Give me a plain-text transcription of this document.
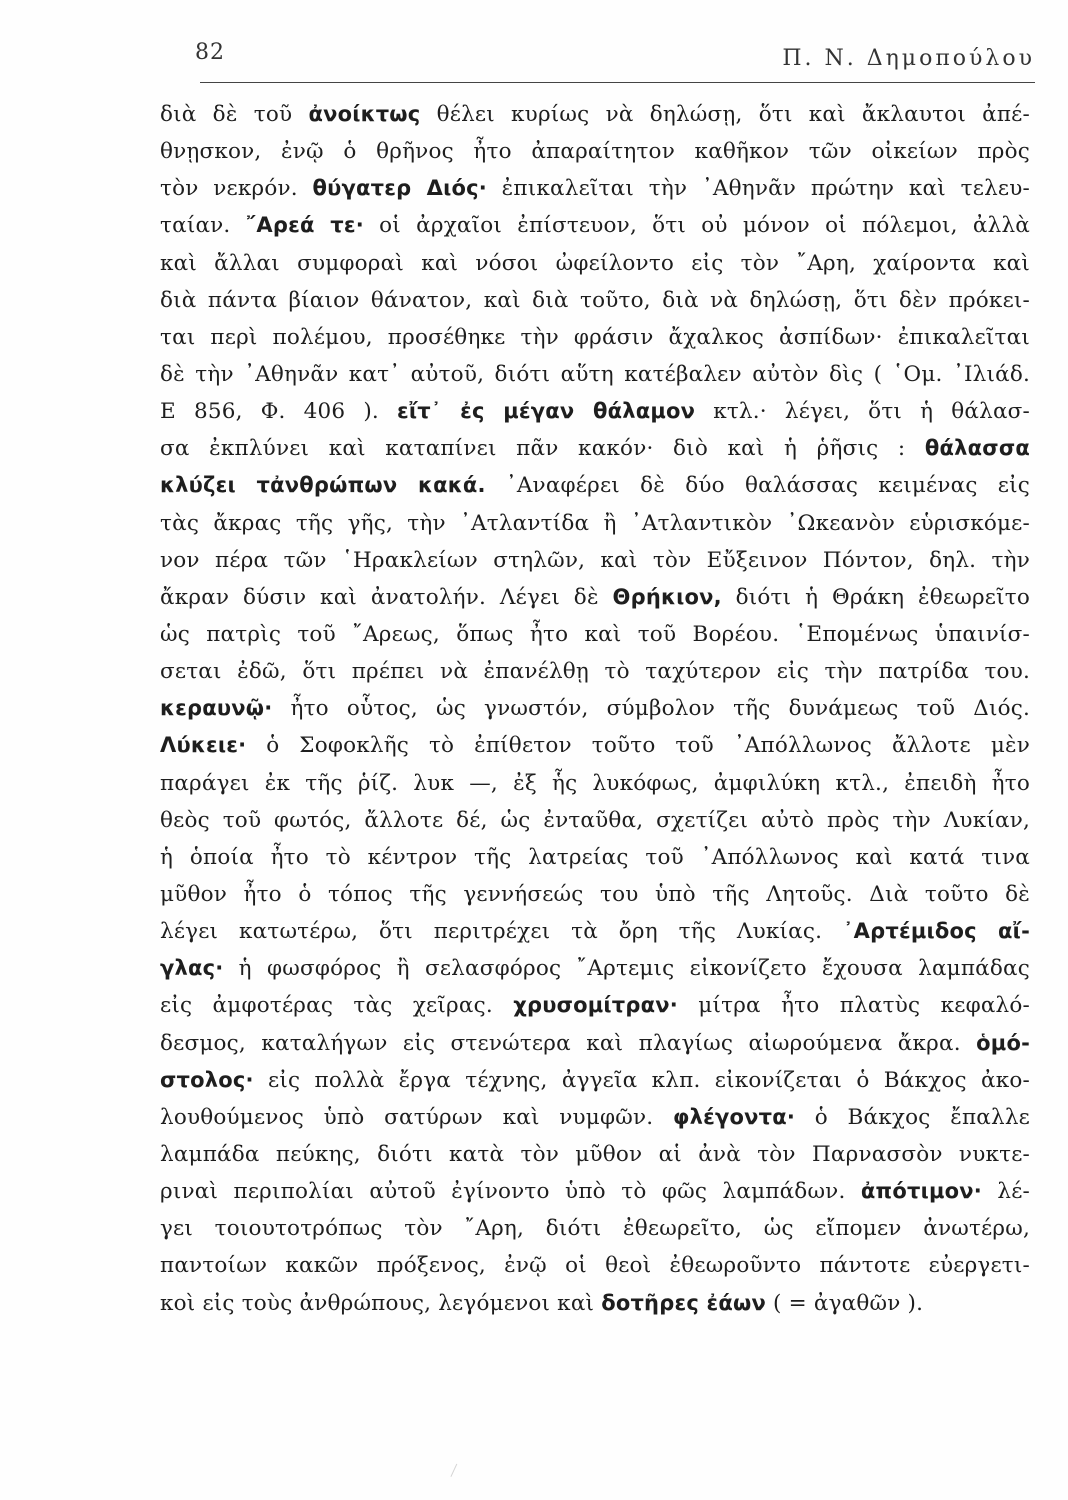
82	Π. Ν. Δημοπούλου
διὰ δὲ τοῦ ἀνοίκτως θέλει κυρίως νὰ δηλώσῃ, ὅτι καὶ ἄκλαυτοι ἀπέ-
θνῃσκον, ἐνῷ ὁ θρῆνος ἦτο ἀπαραίτητον καθῆκον τῶν οἰκείων πρὸς
τὸν νεκρόν. θύγατερ Διός· ἐπικαλεῖται τὴν ᾿Αθηνᾶν πρώτην καὶ τελευ-
ταίαν. ῎Αρεά τε· οἱ ἀρχαῖοι ἐπίστευον, ὅτι οὐ μόνον οἱ πόλεμοι, ἀλλὰ
καὶ ἄλλαι συμφοραὶ καὶ νόσοι ὠφείλοντο εἰς τὸν ῎Αρη, χαίροντα καὶ
διὰ πάντα βίαιον θάνατον, καὶ διὰ τοῦτο, διὰ νὰ δηλώσῃ, ὅτι δὲν πρόκει-
ται περὶ πολέμου, προσέθηκε τὴν φράσιν ἄχαλκος ἀσπίδων· ἐπικαλεῖται
δὲ τὴν ᾿Αθηνᾶν κατ᾿ αὐτοῦ, διότι αὕτη κατέβαλεν αὐτὸν δὶς ( ῾Ομ. ᾿Ιλιάδ.
Ε 856, Φ. 406 ). εἴτ᾿ ἐς μέγαν θάλαμον κτλ.· λέγει, ὅτι ἡ θάλασ-
σα ἐκπλύνει καὶ καταπίνει πᾶν κακόν· διὸ καὶ ἡ ῥῆσις : θάλασσα
κλύζει τἀνθρώπων κακά. ᾿Αναφέρει δὲ δύο θαλάσσας κειμένας εἰς
τὰς ἄκρας τῆς γῆς, τὴν ᾿Ατλαντίδα ἢ ᾿Ατλαντικὸν ᾿Ωκεανὸν εὑρισκόμε-
νον πέρα τῶν ῾Ηρακλείων στηλῶν, καὶ τὸν Εὔξεινον Πόντον, δηλ. τὴν
ἄκραν δύσιν καὶ ἀνατολήν. Λέγει δὲ Θρήκιον, διότι ἡ Θράκη ἐθεωρεῖτο
ὡς πατρὶς τοῦ ῎Αρεως, ὅπως ἦτο καὶ τοῦ Βορέου. ῾Επομένως ὑπαινίσ-
σεται ἐδῶ, ὅτι πρέπει νὰ ἐπανέλθῃ τὸ ταχύτερον εἰς τὴν πατρίδα του.
κεραυνῷ· ἦτο οὗτος, ὡς γνωστόν, σύμβολον τῆς δυνάμεως τοῦ Διός.
Λύκειε· ὁ Σοφοκλῆς τὸ ἐπίθετον τοῦτο τοῦ ᾿Απόλλωνος ἄλλοτε μὲν
παράγει ἐκ τῆς ῥίζ. λυκ —, ἐξ ἧς λυκόφως, ἀμφιλύκη κτλ., ἐπειδὴ ἦτο
θεὸς τοῦ φωτός, ἄλλοτε δέ, ὡς ἐνταῦθα, σχετίζει αὐτὸ πρὸς τὴν Λυκίαν,
ἡ ὁποία ἦτο τὸ κέντρον τῆς λατρείας τοῦ ᾿Απόλλωνος καὶ κατά τινα
μῦθον ἦτο ὁ τόπος τῆς γεννήσεώς του ὑπὸ τῆς Λητοῦς. Διὰ τοῦτο δὲ
λέγει κατωτέρω, ὅτι περιτρέχει τὰ ὄρη τῆς Λυκίας. ᾿Αρτέμιδος αἴ-
γλας· ἡ φωσφόρος ἢ σελασφόρος ῎Αρτεμις εἰκονίζετο ἔχουσα λαμπάδας
εἰς ἀμφοτέρας τὰς χεῖρας. χρυσομίτραν· μίτρα ἦτο πλατὺς κεφαλό-
δεσμος, καταλήγων εἰς στενώτερα καὶ πλαγίως αἰωρούμενα ἄκρα. ὁμό-
στολος· εἰς πολλὰ ἔργα τέχνης, ἀγγεῖα κλπ. εἰκονίζεται ὁ Βάκχος ἀκο-
λουθούμενος ὑπὸ σατύρων καὶ νυμφῶν. φλέγοντα· ὁ Βάκχος ἔπαλλε
λαμπάδα πεύκης, διότι κατὰ τὸν μῦθον αἱ ἀνὰ τὸν Παρνασσὸν νυκτε-
ριναὶ περιπολίαι αὐτοῦ ἐγίνοντο ὑπὸ τὸ φῶς λαμπάδων. ἀπότιμον· λέ-
γει τοιουτοτρόπως τὸν ῎Αρη, διότι ἐθεωρεῖτο, ὡς εἴπομεν ἀνωτέρω,
παντοίων κακῶν πρόξενος, ἐνῷ οἱ θεοὶ ἐθεωροῦντο πάντοτε εὐεργετι-
κοὶ εἰς τοὺς ἀνθρώπους, λεγόμενοι καὶ δοτῆρες ἐάων ( = ἀγαθῶν ).
